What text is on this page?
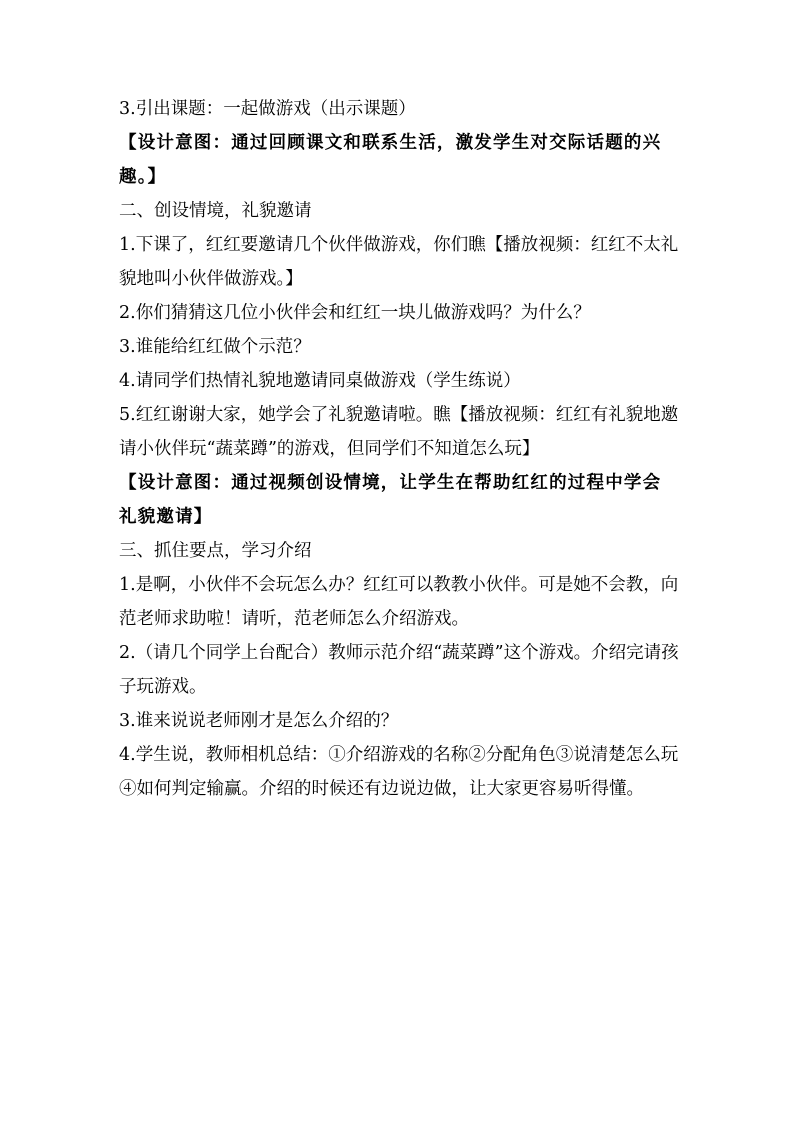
3.引出课题：一起做游戏（出示课题）

【设计意图：通过回顾课文和联系生活，激发学生对交际话题的兴趣。】

二、创设情境，礼貌邀请

1.下课了，红红要邀请几个伙伴做游戏，你们瞧【播放视频：红红不太礼貌地叫小伙伴做游戏。】

2.你们猜猜这几位小伙伴会和红红一块儿做游戏吗？为什么？

3.谁能给红红做个示范？

4.请同学们热情礼貌地邀请同桌做游戏（学生练说）

5.红红谢谢大家，她学会了礼貌邀请啦。瞧【播放视频：红红有礼貌地邀请小伙伴玩“蔬菜蹲”的游戏，但同学们不知道怎么玩】

【设计意图：通过视频创设情境，让学生在帮助红红的过程中学会礼貌邀请】

三、抓住要点，学习介绍

1.是啊，小伙伴不会玩怎么办？红红可以教教小伙伴。可是她不会教，向范老师求助啦！请听，范老师怎么介绍游戏。

2.（请几个同学上台配合）教师示范介绍“蔬菜蹲”这个游戏。介绍完请孩子玩游戏。

3.谁来说说老师刚才是怎么介绍的？

4.学生说，教师相机总结：①介绍游戏的名称②分配角色③说清楚怎么玩④如何判定输赢。介绍的时候还有边说边做，让大家更容易听得懂。
